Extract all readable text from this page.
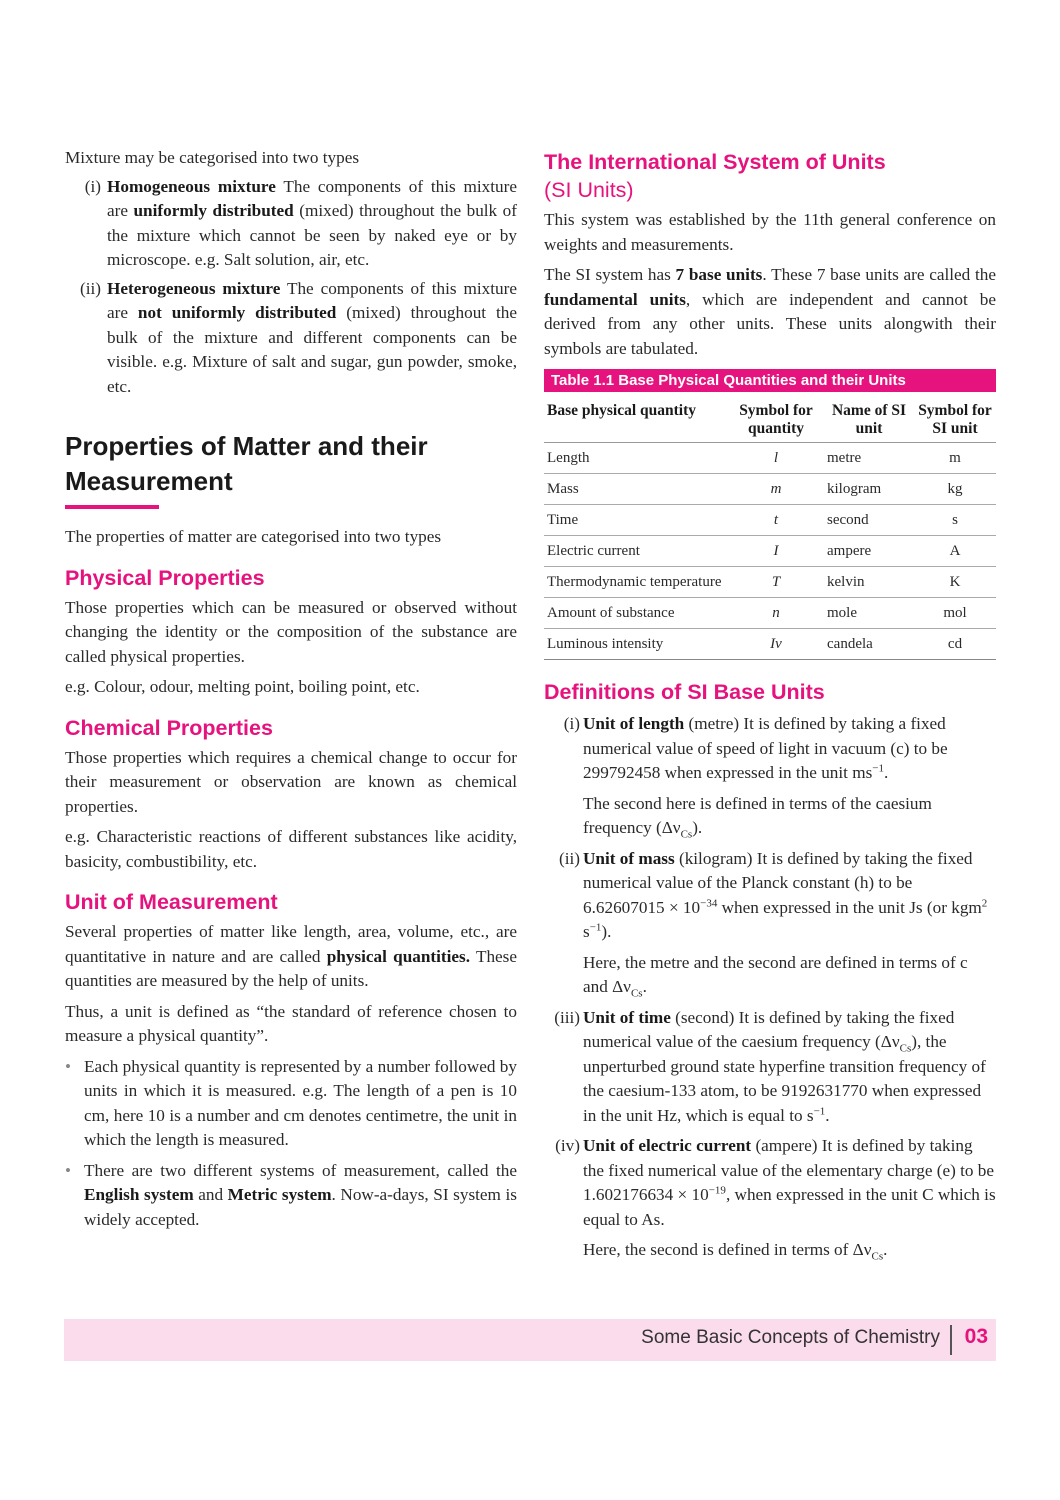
Mixture may be categorised into two types

(i) Homogeneous mixture The components of this mixture are uniformly distributed (mixed) throughout the bulk of the mixture which cannot be seen by naked eye or by microscope. e.g. Salt solution, air, etc.

(ii) Heterogeneous mixture The components of this mixture are not uniformly distributed (mixed) throughout the bulk of the mixture and different components can be visible. e.g. Mixture of salt and sugar, gun powder, smoke, etc.

Properties of Matter and their Measurement

The properties of matter are categorised into two types

Physical Properties

Those properties which can be measured or observed without changing the identity or the composition of the substance are called physical properties.

e.g. Colour, odour, melting point, boiling point, etc.

Chemical Properties

Those properties which requires a chemical change to occur for their measurement or observation are known as chemical properties.

e.g. Characteristic reactions of different substances like acidity, basicity, combustibility, etc.

Unit of Measurement

Several properties of matter like length, area, volume, etc., are quantitative in nature and are called physical quantities. These quantities are measured by the help of units.

Thus, a unit is defined as “the standard of reference chosen to measure a physical quantity”.

• Each physical quantity is represented by a number followed by units in which it is measured. e.g. The length of a pen is 10 cm, here 10 is a number and cm denotes centimetre, the unit in which the length is measured.

• There are two different systems of measurement, called the English system and Metric system. Now-a-days, SI system is widely accepted.

The International System of Units
(SI Units)

This system was established by the 11th general conference on weights and measurements.

The SI system has 7 base units. These 7 base units are called the fundamental units, which are independent and cannot be derived from any other units. These units alongwith their symbols are tabulated.

Table 1.1 Base Physical Quantities and their Units
Base physical quantity	Symbol for quantity	Name of SI unit	Symbol for SI unit
Length	l	metre	m
Mass	m	kilogram	kg
Time	t	second	s
Electric current	I	ampere	A
Thermodynamic temperature	T	kelvin	K
Amount of substance	n	mole	mol
Luminous intensity	Iv	candela	cd
Definitions of SI Base Units
(i) Unit of length (metre) It is defined by taking a fixed numerical value of speed of light in vacuum (c) to be 299792458 when expressed in the unit $ms^{-1}$.

The second here is defined in terms of the caesium frequency $(\Delta\nu_{Cs})$.

(ii) Unit of mass (kilogram) It is defined by taking the fixed numerical value of the Planck constant (h) to be $6.62607015 \times 10^{-34}$ when expressed in the unit Js (or kgm$^2$ $s^{-1}$).

Here, the metre and the second are defined in terms of c and $\Delta\nu_{Cs}$.

(iii) Unit of time (second) It is defined by taking the fixed numerical value of the caesium frequency $(\Delta\nu_{Cs})$, the unperturbed ground state hyperfine transition frequency of the caesium-133 atom, to be 9192631770 when expressed in the unit Hz, which is equal to $s^{-1}$.

(iv) Unit of electric current (ampere) It is defined by taking the fixed numerical value of the elementary charge (e) to be $1.602176634 \times 10^{-19}$, when expressed in the unit C which is equal to As.

Here, the second is defined in terms of $\Delta\nu_{Cs}$.

Some Basic Concepts of Chemistry 03
